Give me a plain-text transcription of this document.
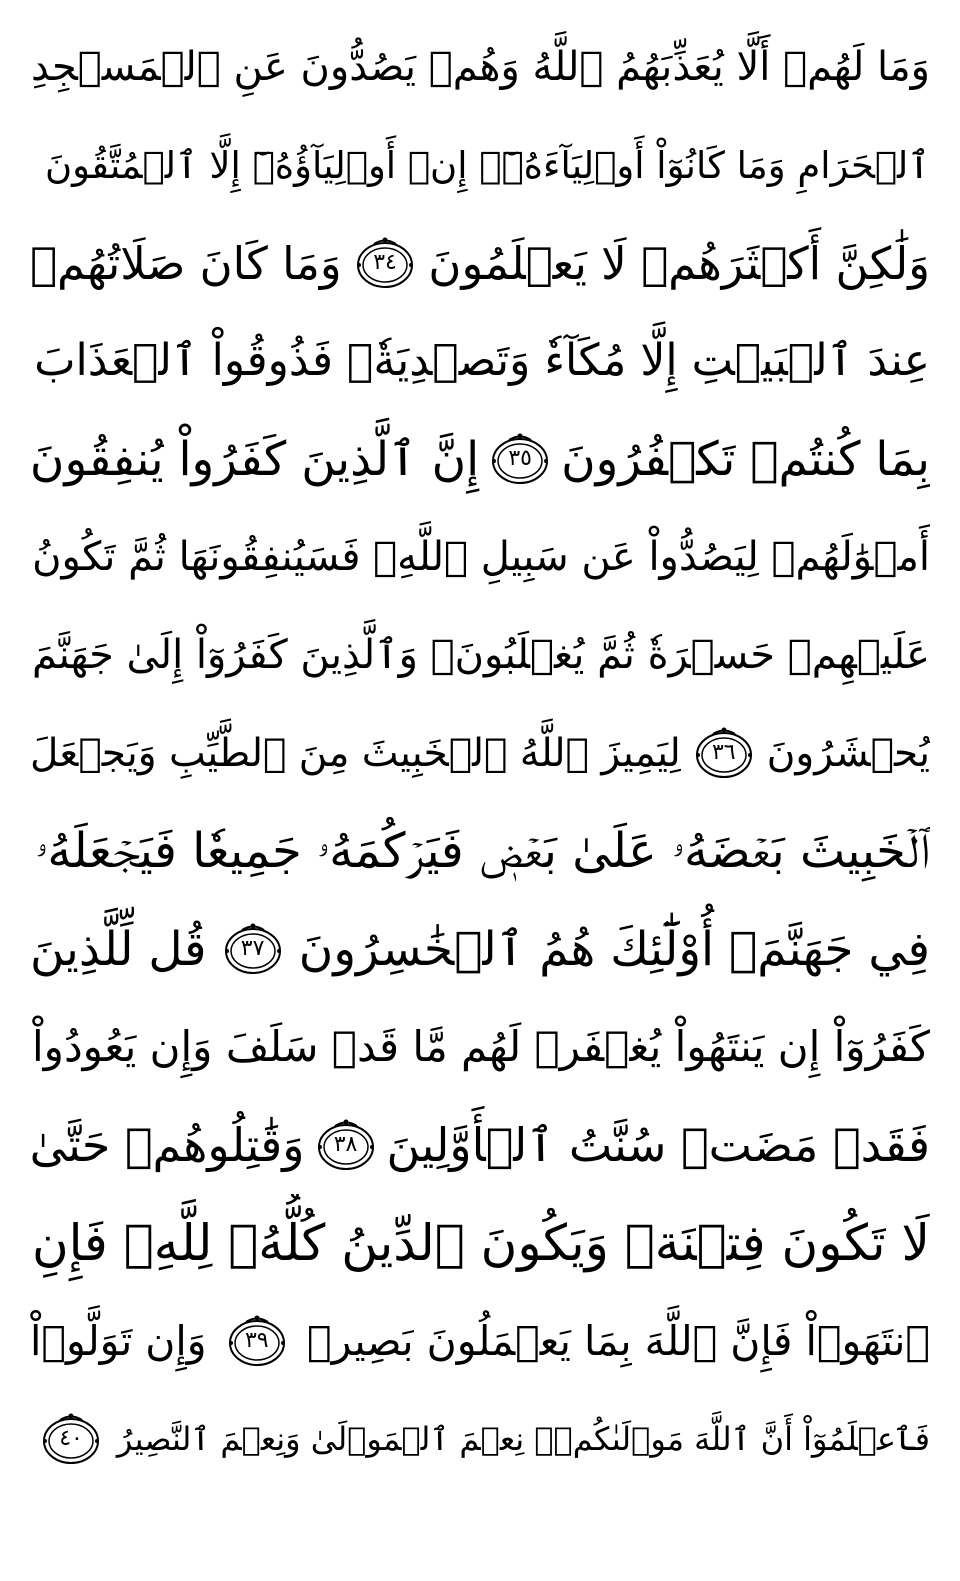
وَمَا لَهُمۡ أَلَّا يُعَذِّبَهُمُ ٱللَّهُ وَهُمۡ يَصُدُّونَ عَنِ ٱلۡمَسۡجِدِ
ٱلۡحَرَامِ وَمَا كَانُوٓاْ أَوۡلِيَآءَهُۥٓۚ إِنۡ أَوۡلِيَآؤُهُۥٓ إِلَّا ٱلۡمُتَّقُونَ
وَلَٰكِنَّ أَكۡثَرَهُمۡ لَا يَعۡلَمُونَ
٣٤
وَمَا كَانَ صَلَاتُهُمۡ
عِندَ ٱلۡبَيۡتِ إِلَّا مُكَآءٗ وَتَصۡدِيَةٗۚ فَذُوقُواْ ٱلۡعَذَابَ
بِمَا كُنتُمۡ تَكۡفُرُونَ
٣٥
إِنَّ ٱلَّذِينَ كَفَرُواْ يُنفِقُونَ
أَمۡوَٰلَهُمۡ لِيَصُدُّواْ عَن سَبِيلِ ٱللَّهِۚ فَسَيُنفِقُونَهَا ثُمَّ تَكُونُ
عَلَيۡهِمۡ حَسۡرَةٗ ثُمَّ يُغۡلَبُونَۗ وَٱلَّذِينَ كَفَرُوٓاْ إِلَىٰ جَهَنَّمَ
يُحۡشَرُونَ
٣٦
لِيَمِيزَ ٱللَّهُ ٱلۡخَبِيثَ مِنَ ٱلطَّيِّبِ وَيَجۡعَلَ
ٱلۡخَبِيثَ بَعۡضَهُۥ عَلَىٰ بَعۡضٖ فَيَرۡكُمَهُۥ جَمِيعٗا فَيَجۡعَلَهُۥ
فِي جَهَنَّمَۚ أُوْلَٰٓئِكَ هُمُ ٱلۡخَٰسِرُونَ
٣٧
قُل لِّلَّذِينَ
كَفَرُوٓاْ إِن يَنتَهُواْ يُغۡفَرۡ لَهُم مَّا قَدۡ سَلَفَ وَإِن يَعُودُواْ
فَقَدۡ مَضَتۡ سُنَّتُ ٱلۡأَوَّلِينَ
٣٨
وَقَٰتِلُوهُمۡ حَتَّىٰ
لَا تَكُونَ فِتۡنَةٞ وَيَكُونَ ٱلدِّينُ كُلُّهُۥ لِلَّهِۚ فَإِنِ
ٱنتَهَوۡاْ فَإِنَّ ٱللَّهَ بِمَا يَعۡمَلُونَ بَصِيرٞ
٣٩
وَإِن تَوَلَّوۡاْ
فَٱعۡلَمُوٓاْ أَنَّ ٱللَّهَ مَوۡلَىٰكُمۡۚ نِعۡمَ ٱلۡمَوۡلَىٰ وَنِعۡمَ ٱلنَّصِيرُ
٤٠
